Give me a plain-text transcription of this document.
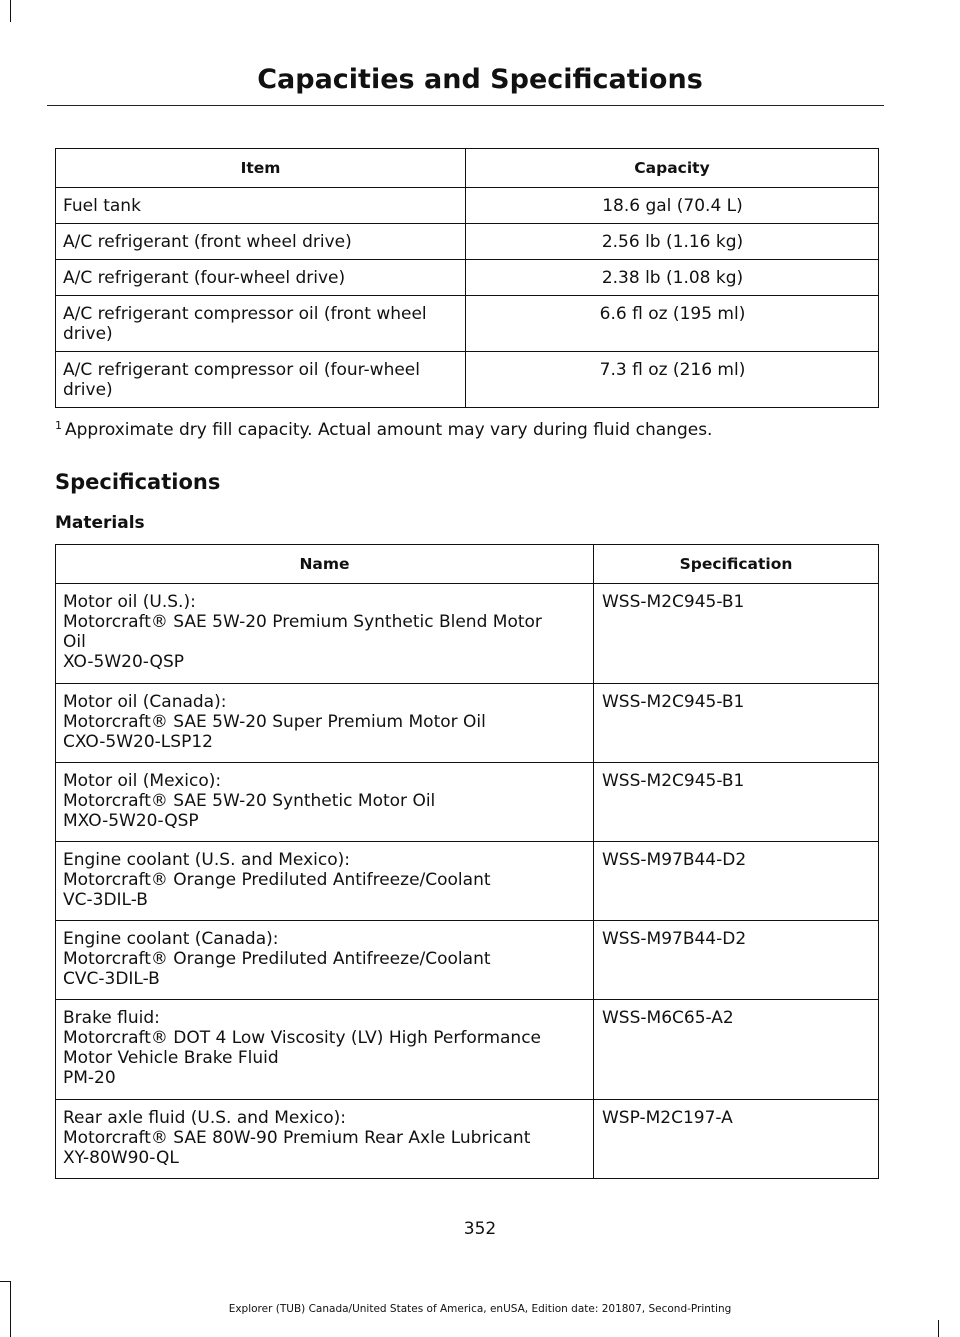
Capacities and Specifications
Item	Capacity

Fuel tank	18.6 gal (70.4 L)

A/C refrigerant (front wheel drive)	2.56 lb (1.16 kg)

A/C refrigerant (four-wheel drive)	2.38 lb (1.08 kg)

A/C refrigerant compressor oil (front wheel
drive)	6.6 fl oz (195 ml)

A/C refrigerant compressor oil (four-wheel
drive)	7.3 fl oz (216 ml)
$^1$ Approximate dry fill capacity. Actual amount may vary during fluid changes.
Specifications
Materials
Name	Specification

Motor oil (U.S.):
Motorcraft® SAE 5W-20 Premium Synthetic Blend Motor
Oil
XO-5W20-QSP	WSS-M2C945-B1

Motor oil (Canada):
Motorcraft® SAE 5W-20 Super Premium Motor Oil
CXO-5W20-LSP12	WSS-M2C945-B1

Motor oil (Mexico):
Motorcraft® SAE 5W-20 Synthetic Motor Oil
MXO-5W20-QSP	WSS-M2C945-B1

Engine coolant (U.S. and Mexico):
Motorcraft® Orange Prediluted Antifreeze/Coolant
VC-3DIL-B	WSS-M97B44-D2

Engine coolant (Canada):
Motorcraft® Orange Prediluted Antifreeze/Coolant
CVC-3DIL-B	WSS-M97B44-D2

Brake fluid:
Motorcraft® DOT 4 Low Viscosity (LV) High Performance
Motor Vehicle Brake Fluid
PM-20	WSS-M6C65-A2

Rear axle fluid (U.S. and Mexico):
Motorcraft® SAE 80W-90 Premium Rear Axle Lubricant
XY-80W90-QL	WSP-M2C197-A
352
Explorer (TUB) Canada/United States of America, enUSA, Edition date: 201807, Second-Printing
